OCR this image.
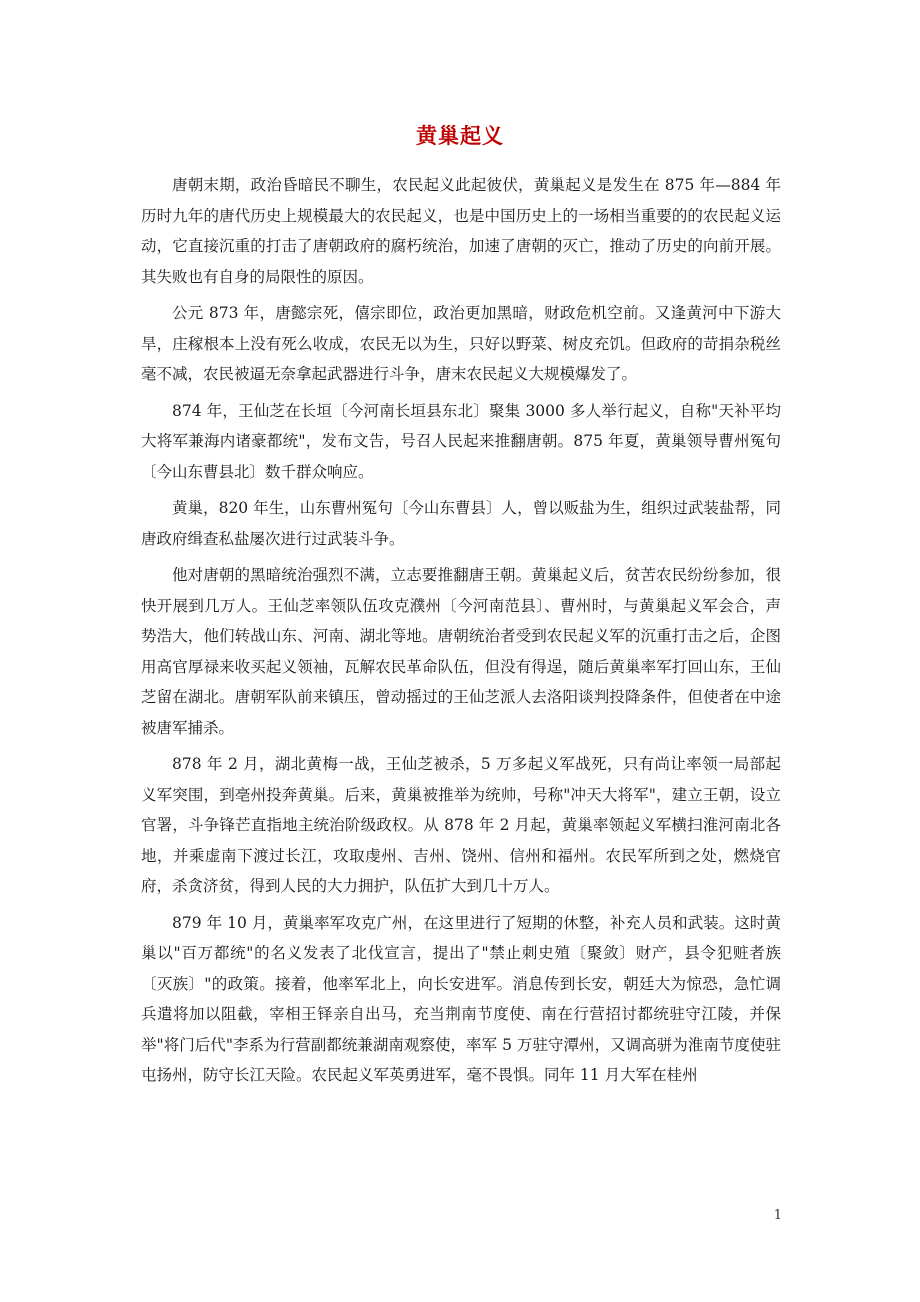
黄巢起义

唐朝末期，政治昏暗民不聊生，农民起义此起彼伏，黄巢起义是发生在 875 年—884 年历时九年的唐代历史上规模最大的农民起义，也是中国历史上的一场相当重要的的农民起义运动，它直接沉重的打击了唐朝政府的腐朽统治，加速了唐朝的灭亡，推动了历史的向前开展。其失败也有自身的局限性的原因。

公元 873 年，唐懿宗死，僖宗即位，政治更加黑暗，财政危机空前。又逢黄河中下游大旱，庄稼根本上没有死么收成，农民无以为生，只好以野菜、树皮充饥。但政府的苛捐杂税丝毫不减，农民被逼无奈拿起武器进行斗争，唐末农民起义大规模爆发了。

874 年，王仙芝在长垣〔今河南长垣县东北〕聚集 3000 多人举行起义，自称"天补平均大将军兼海内诸豪都统"，发布文告，号召人民起来推翻唐朝。875 年夏，黄巢领导曹州冤句〔今山东曹县北〕数千群众响应。

黄巢，820 年生，山东曹州冤句〔今山东曹县〕人，曾以贩盐为生，组织过武装盐帮，同唐政府缉查私盐屡次进行过武装斗争。

他对唐朝的黑暗统治强烈不满，立志要推翻唐王朝。黄巢起义后，贫苦农民纷纷参加，很快开展到几万人。王仙芝率领队伍攻克濮州〔今河南范县〕、曹州时，与黄巢起义军会合，声势浩大，他们转战山东、河南、湖北等地。唐朝统治者受到农民起义军的沉重打击之后，企图用高官厚禄来收买起义领袖，瓦解农民革命队伍，但没有得逞，随后黄巢率军打回山东，王仙芝留在湖北。唐朝军队前来镇压，曾动摇过的王仙芝派人去洛阳谈判投降条件，但使者在中途被唐军捕杀。

878 年 2 月，湖北黄梅一战，王仙芝被杀，5 万多起义军战死，只有尚让率领一局部起义军突围，到亳州投奔黄巢。后来，黄巢被推举为统帅，号称"冲天大将军"，建立王朝，设立官署，斗争锋芒直指地主统治阶级政权。从 878 年 2 月起，黄巢率领起义军横扫淮河南北各地，并乘虚南下渡过长江，攻取虔州、吉州、饶州、信州和福州。农民军所到之处，燃烧官府，杀贪济贫，得到人民的大力拥护，队伍扩大到几十万人。

879 年 10 月，黄巢率军攻克广州，在这里进行了短期的休整，补充人员和武装。这时黄巢以"百万都统"的名义发表了北伐宣言，提出了"禁止刺史殖〔聚敛〕财产，县令犯赃者族〔灭族〕"的政策。接着，他率军北上，向长安进军。消息传到长安，朝廷大为惊恐，急忙调兵遣将加以阻截，宰相王铎亲自出马，充当荆南节度使、南在行营招讨都统驻守江陵，并保举"将门后代"李系为行营副都统兼湖南观察使，率军 5 万驻守潭州，又调高骈为淮南节度使驻屯扬州，防守长江天险。农民起义军英勇进军，毫不畏惧。同年 11 月大军在桂州

1
